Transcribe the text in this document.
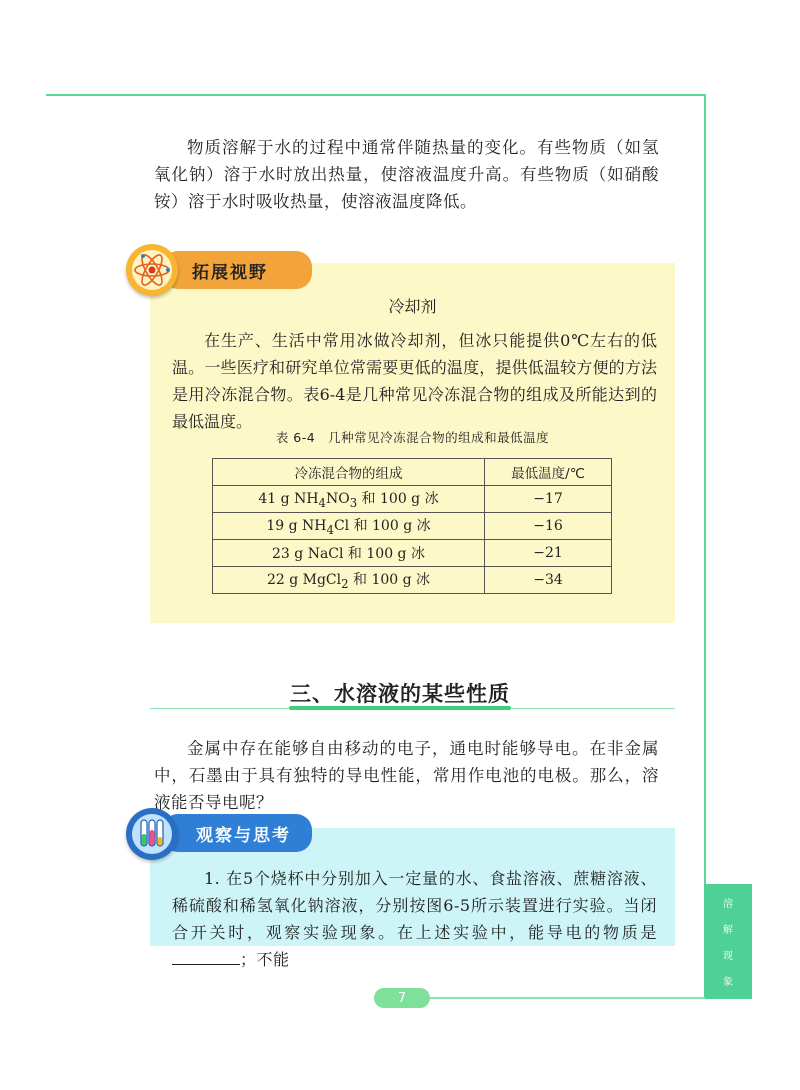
物质溶解于水的过程中通常伴随热量的变化。有些物质（如氢氧化钠）溶于水时放出热量，使溶液温度升高。有些物质（如硝酸铵）溶于水时吸收热量，使溶液温度降低。

拓展视野
冷却剂

在生产、生活中常用冰做冷却剂，但冰只能提供0℃左右的低温。一些医疗和研究单位常需要更低的温度，提供低温较方便的方法是用冷冻混合物。表6-4是几种常见冷冻混合物的组成及所能达到的最低温度。

表 6-4　几种常见冷冻混合物的组成和最低温度
冷冻混合物的组成	最低温度/℃
41 g $NH_4NO_3$ 和 100 g 冰	−17
19 g $NH_4Cl$ 和 100 g 冰	−16
23 g NaCl 和 100 g 冰	−21
22 g MgCl$_2$ 和 100 g 冰	−34
三、水溶液的某些性质

金属中存在能够自由移动的电子，通电时能够导电。在非金属中，石墨由于具有独特的导电性能，常用作电池的电极。那么，溶液能否导电呢？

观察与思考

1. 在5个烧杯中分别加入一定量的水、食盐溶液、蔗糖溶液、稀硫酸和稀氢氧化钠溶液，分别按图6-5所示装置进行实验。当闭合开关时，观察实验现象。在上述实验中，能导电的物质是；不能

溶
解
现
象
7
